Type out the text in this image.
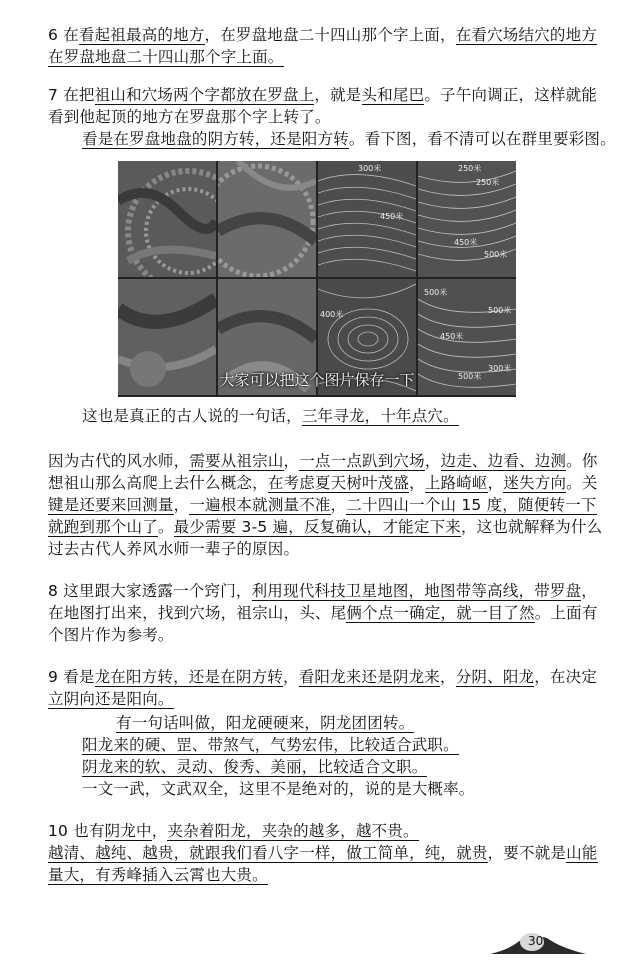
6 在看起祖最高的地方，在罗盘地盘二十四山那个字上面，在看穴场结穴的地方
在罗盘地盘二十四山那个字上面。
7 在把祖山和穴场两个字都放在罗盘上，就是头和尾巴。子午向调正，这样就能
看到他起顶的地方在罗盘那个字上转了。
看是在罗盘地盘的阴方转，还是阳方转。看下图，看不清可以在群里要彩图。
300米
450米
250米
250米
450米
500米
400米
500米
500米
300米
500米
450米
大家可以把这个图片保存一下
这也是真正的古人说的一句话，三年寻龙，十年点穴。
因为古代的风水师，需要从祖宗山，一点一点趴到穴场，边走、边看、边测。你
想祖山那么高爬上去什么概念，在考虑夏天树叶茂盛，上路崎岖，迷失方向。关
键是还要来回测量，一遍根本就测量不准，二十四山一个山 15 度，随便转一下
就跑到那个山了。最少需要 3-5 遍，反复确认，才能定下来，这也就解释为什么
过去古代人养风水师一辈子的原因。
8 这里跟大家透露一个窍门，利用现代科技卫星地图，地图带等高线，带罗盘，
在地图打出来，找到穴场，祖宗山，头、尾俩个点一确定，就一目了然。上面有
个图片作为参考。
9 看是龙在阳方转，还是在阴方转，看阳龙来还是阴龙来，分阴、阳龙，在决定
立阴向还是阳向。
有一句话叫做，阳龙硬硬来，阴龙团团转。
阳龙来的硬、罡、带煞气，气势宏伟，比较适合武职。
阴龙来的软、灵动、俊秀、美丽，比较适合文职。
一文一武，文武双全，这里不是绝对的，说的是大概率。
10 也有阴龙中，夹杂着阳龙，夹杂的越多，越不贵。
越清、越纯、越贵，就跟我们看八字一样，做工简单，纯，就贵，要不就是山能
量大，有秀峰插入云霄也大贵。
30
